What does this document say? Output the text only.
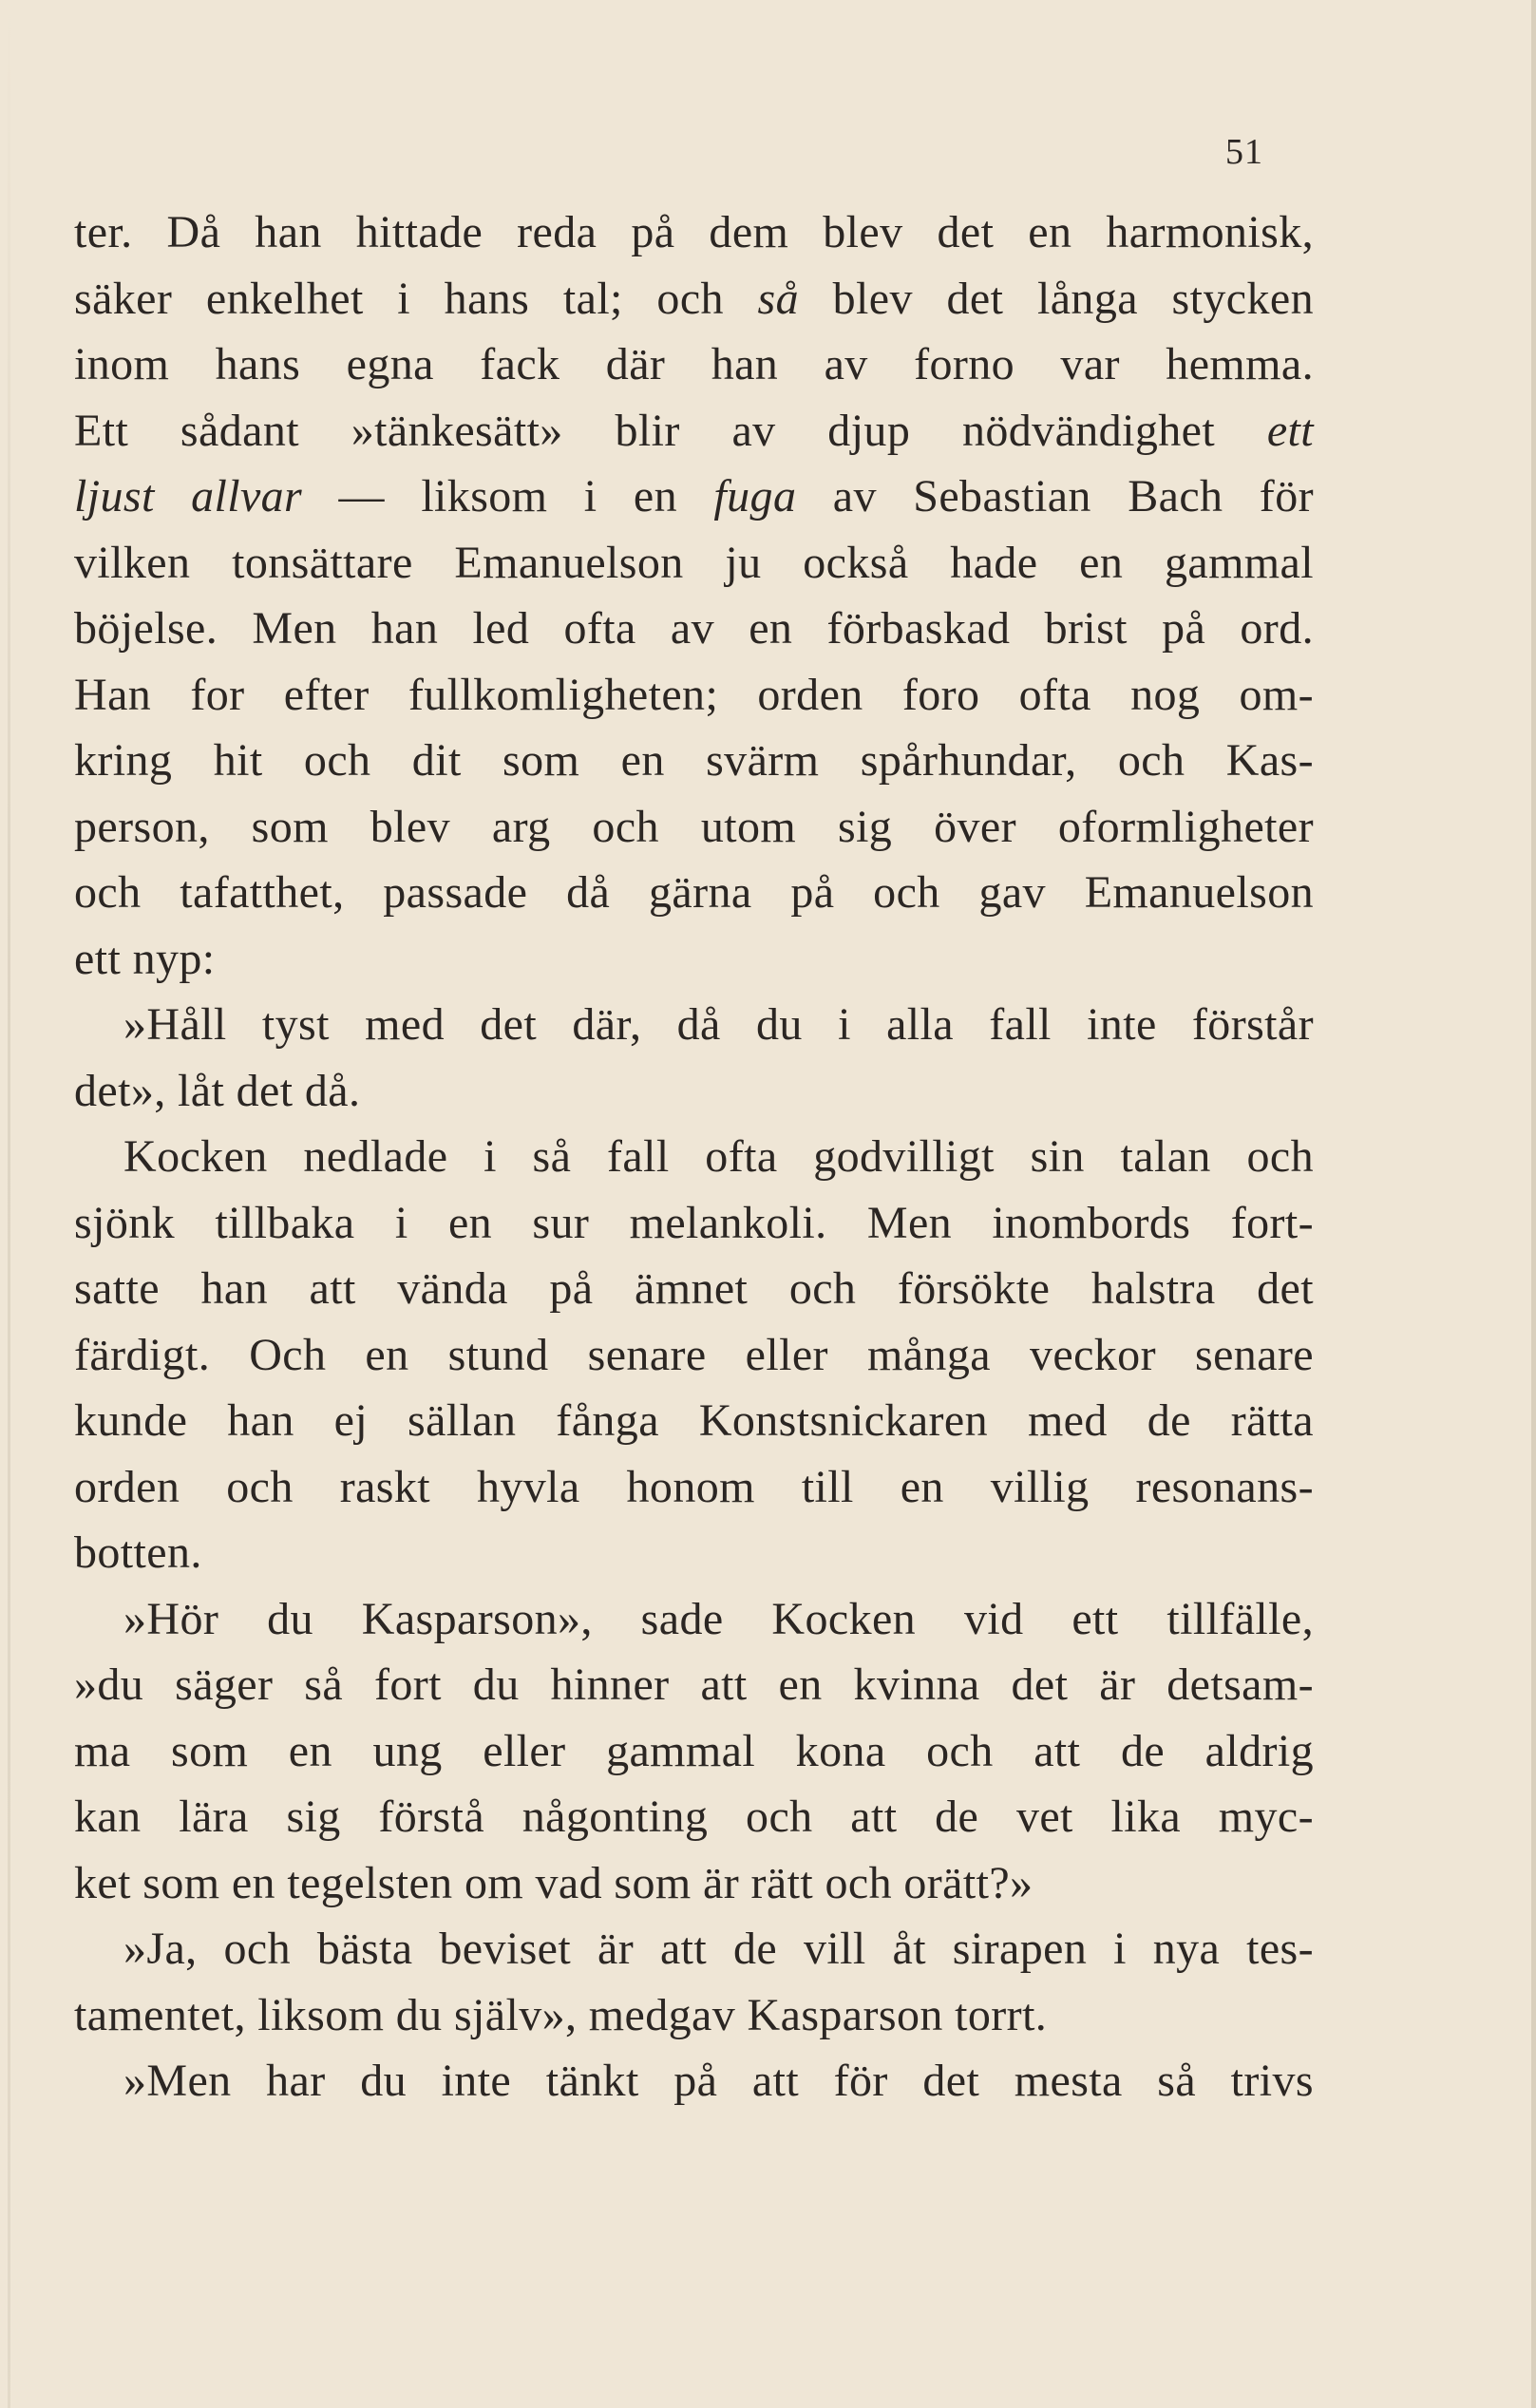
51
ter. Då han hittade reda på dem blev det en harmonisk,
säker enkelhet i hans tal; och så blev det långa stycken
inom hans egna fack där han av forno var hemma.
Ett sådant »tänkesätt» blir av djup nödvändighet ett
ljust allvar — liksom i en fuga av Sebastian Bach för
vilken tonsättare Emanuelson ju också hade en gammal
böjelse. Men han led ofta av en förbaskad brist på ord.
Han for efter fullkomligheten; orden foro ofta nog om-
kring hit och dit som en svärm spårhundar, och Kas-
person, som blev arg och utom sig över oformligheter
och tafatthet, passade då gärna på och gav Emanuelson
ett nyp:
»Håll tyst med det där, då du i alla fall inte förstår
det», låt det då.
Kocken nedlade i så fall ofta godvilligt sin talan och
sjönk tillbaka i en sur melankoli. Men inombords fort-
satte han att vända på ämnet och försökte halstra det
färdigt. Och en stund senare eller många veckor senare
kunde han ej sällan fånga Konstsnickaren med de rätta
orden och raskt hyvla honom till en villig resonans-
botten.
»Hör du Kasparson», sade Kocken vid ett tillfälle,
»du säger så fort du hinner att en kvinna det är detsam-
ma som en ung eller gammal kona och att de aldrig
kan lära sig förstå någonting och att de vet lika myc-
ket som en tegelsten om vad som är rätt och orätt?»
»Ja, och bästa beviset är att de vill åt sirapen i nya tes-
tamentet, liksom du själv», medgav Kasparson torrt.
»Men har du inte tänkt på att för det mesta så trivs
